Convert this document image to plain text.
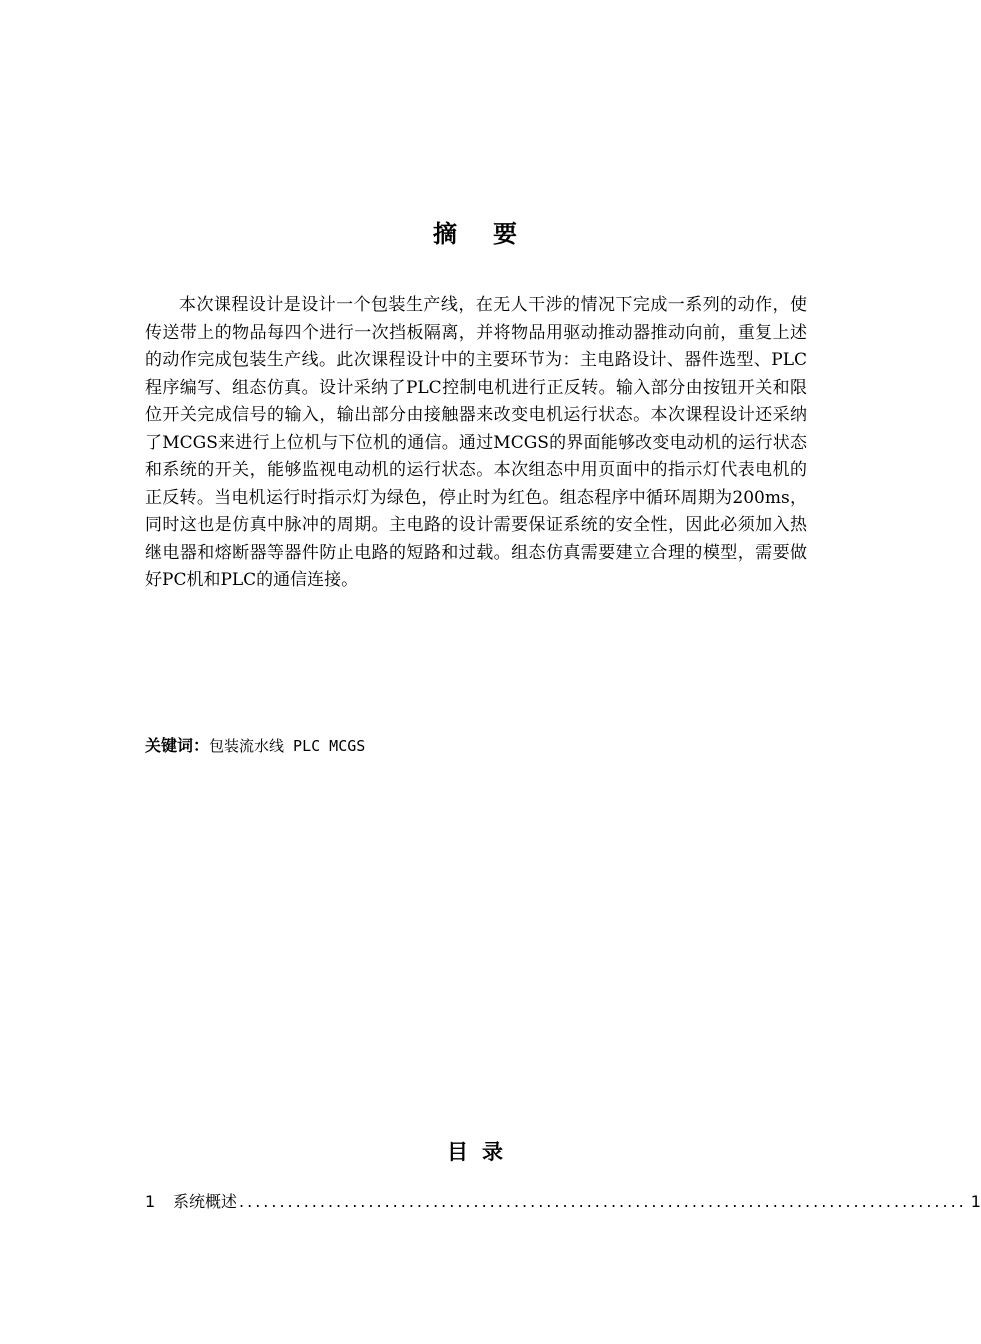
摘要

本次课程设计是设计一个包装生产线，在无人干涉的情况下完成一系列的动作，使传送带上的物品每四个进行一次挡板隔离，并将物品用驱动推动器推动向前，重复上述的动作完成包装生产线。此次课程设计中的主要环节为：主电路设计、器件选型、PLC程序编写、组态仿真。设计采纳了PLC控制电机进行正反转。输入部分由按钮开关和限位开关完成信号的输入，输出部分由接触器来改变电机运行状态。本次课程设计还采纳了MCGS来进行上位机与下位机的通信。通过MCGS的界面能够改变电动机的运行状态和系统的开关，能够监视电动机的运行状态。本次组态中用页面中的指示灯代表电机的正反转。当电机运行时指示灯为绿色，停止时为红色。组态程序中循环周期为200ms，同时这也是仿真中脉冲的周期。主电路的设计需要保证系统的安全性，因此必须加入热继电器和熔断器等器件防止电路的短路和过载。组态仿真需要建立合理的模型，需要做好PC机和PLC的通信连接。

关键词：包装流水线 PLC MCGS
目录
1	系统概述 .......................................................................................... 1
